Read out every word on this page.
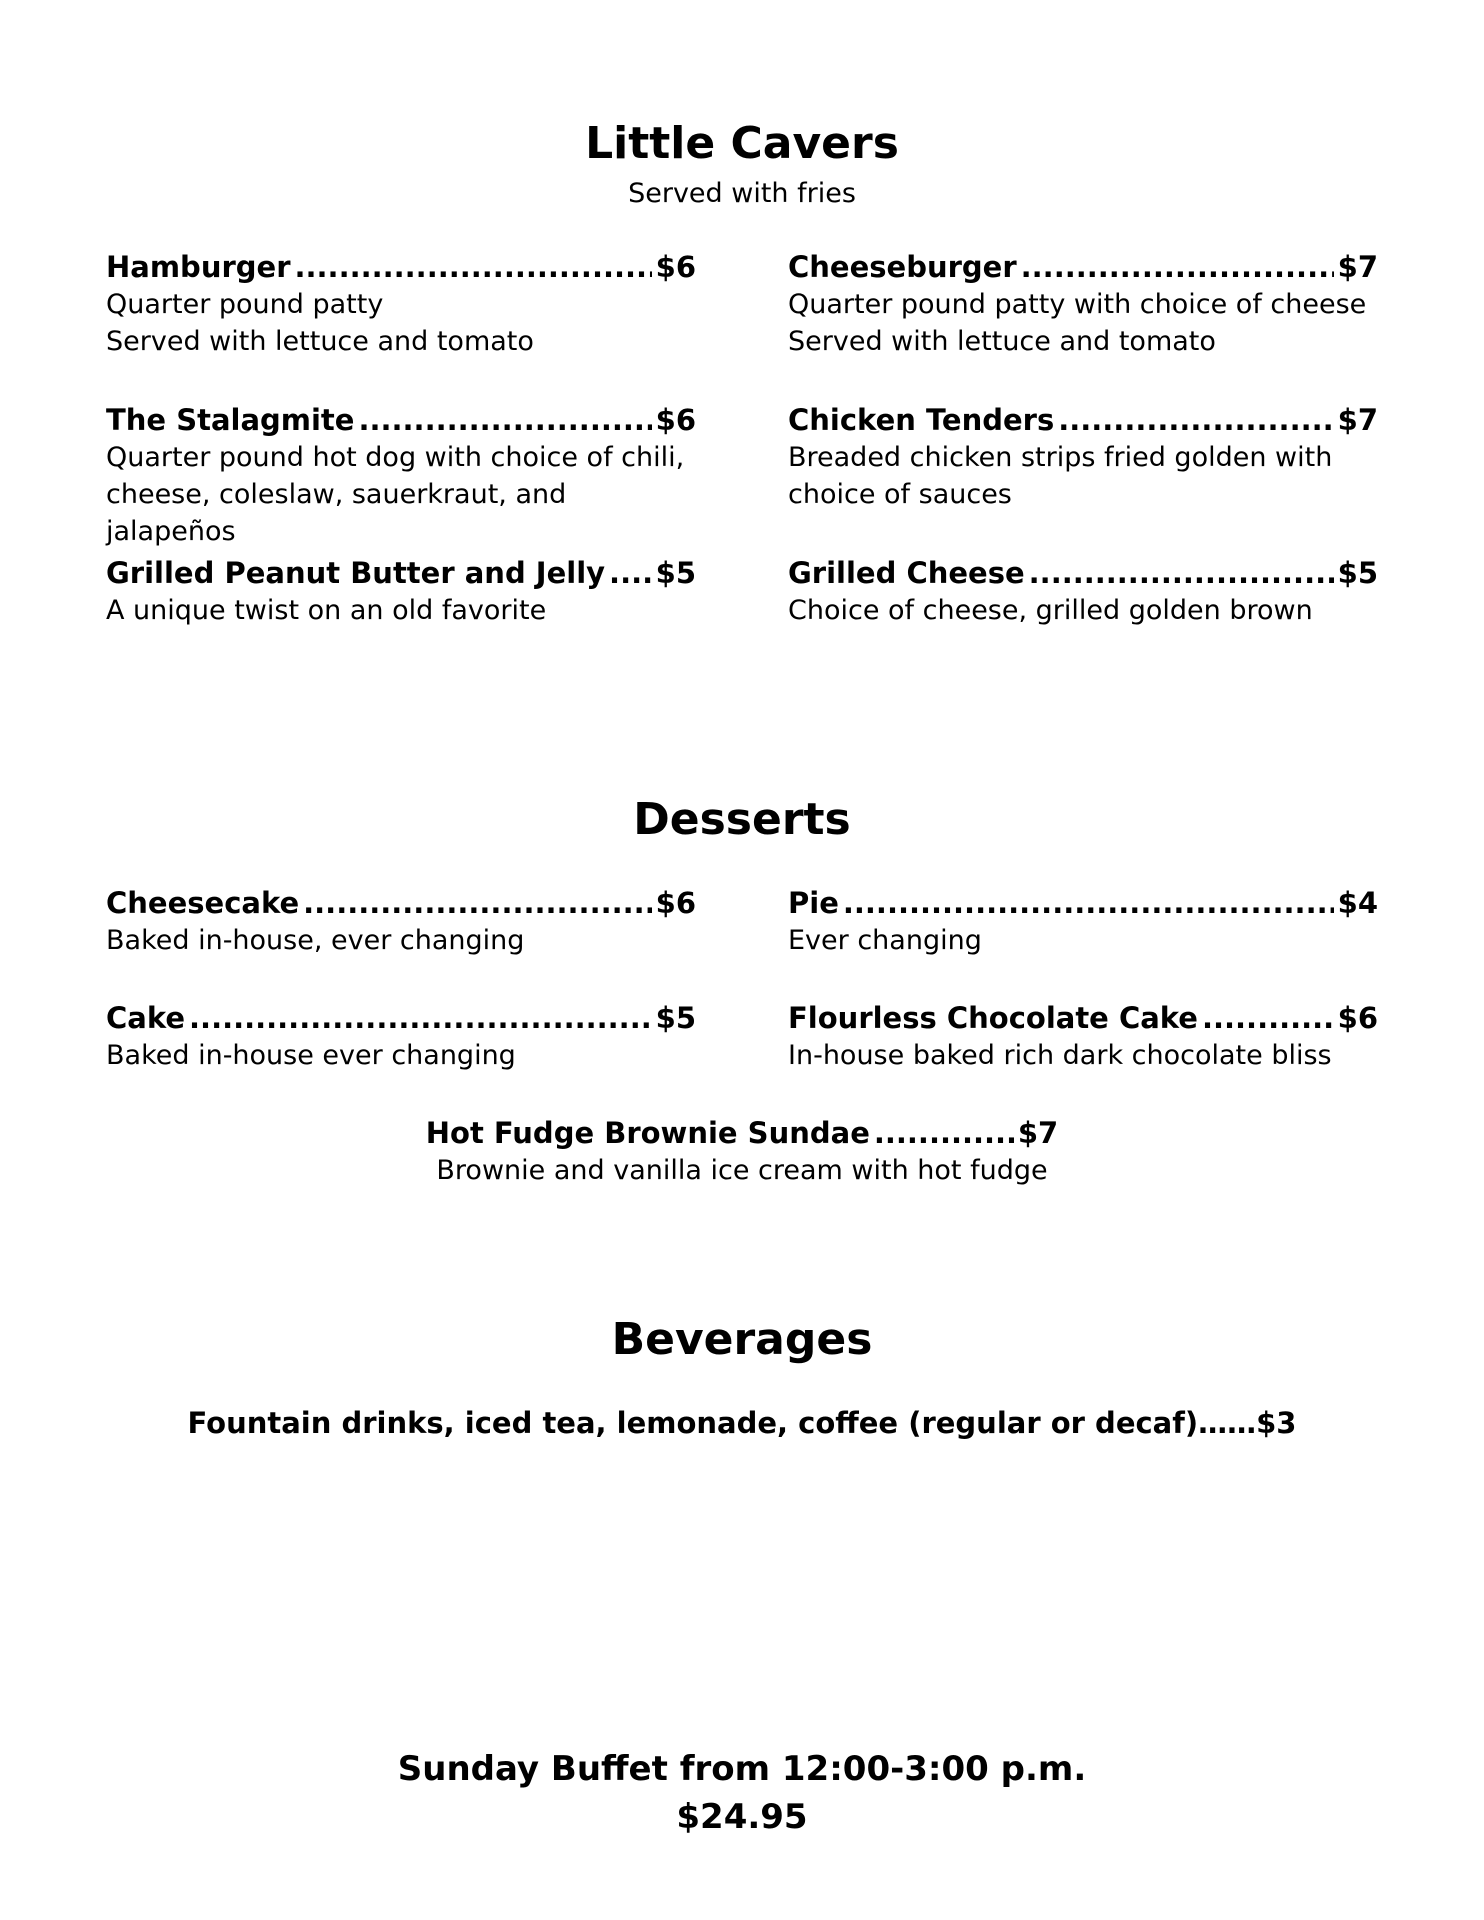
Little Cavers
Served with fries
Hamburger .....	$6
Quarter pound patty
Served with lettuce and tomato
Cheeseburger .....	$7
Quarter pound patty with choice of cheese
Served with lettuce and tomato
The Stalagmite .....	$6
Quarter pound hot dog with choice of chili,
cheese, coleslaw, sauerkraut, and jalapeños
Chicken Tenders .....	$7
Breaded chicken strips fried golden with
choice of sauces
Grilled Peanut Butter and Jelly ..... $5
A unique twist on an old favorite
Grilled Cheese .....	$5
Choice of cheese, grilled golden brown
Desserts
Cheesecake .....	$6
Baked in-house, ever changing
Pie .....	$4
Ever changing
Cake .....	$5
Baked in-house ever changing
Flourless Chocolate Cake .....	$6
In-house baked rich dark chocolate bliss
Hot Fudge Brownie Sundae .....	$7
Brownie and vanilla ice cream with hot fudge
Beverages
Fountain drinks, iced tea, lemonade, coffee (regular or decaf)……$3
Sunday Buffet from 12:00-3:00 p.m.
$24.95
